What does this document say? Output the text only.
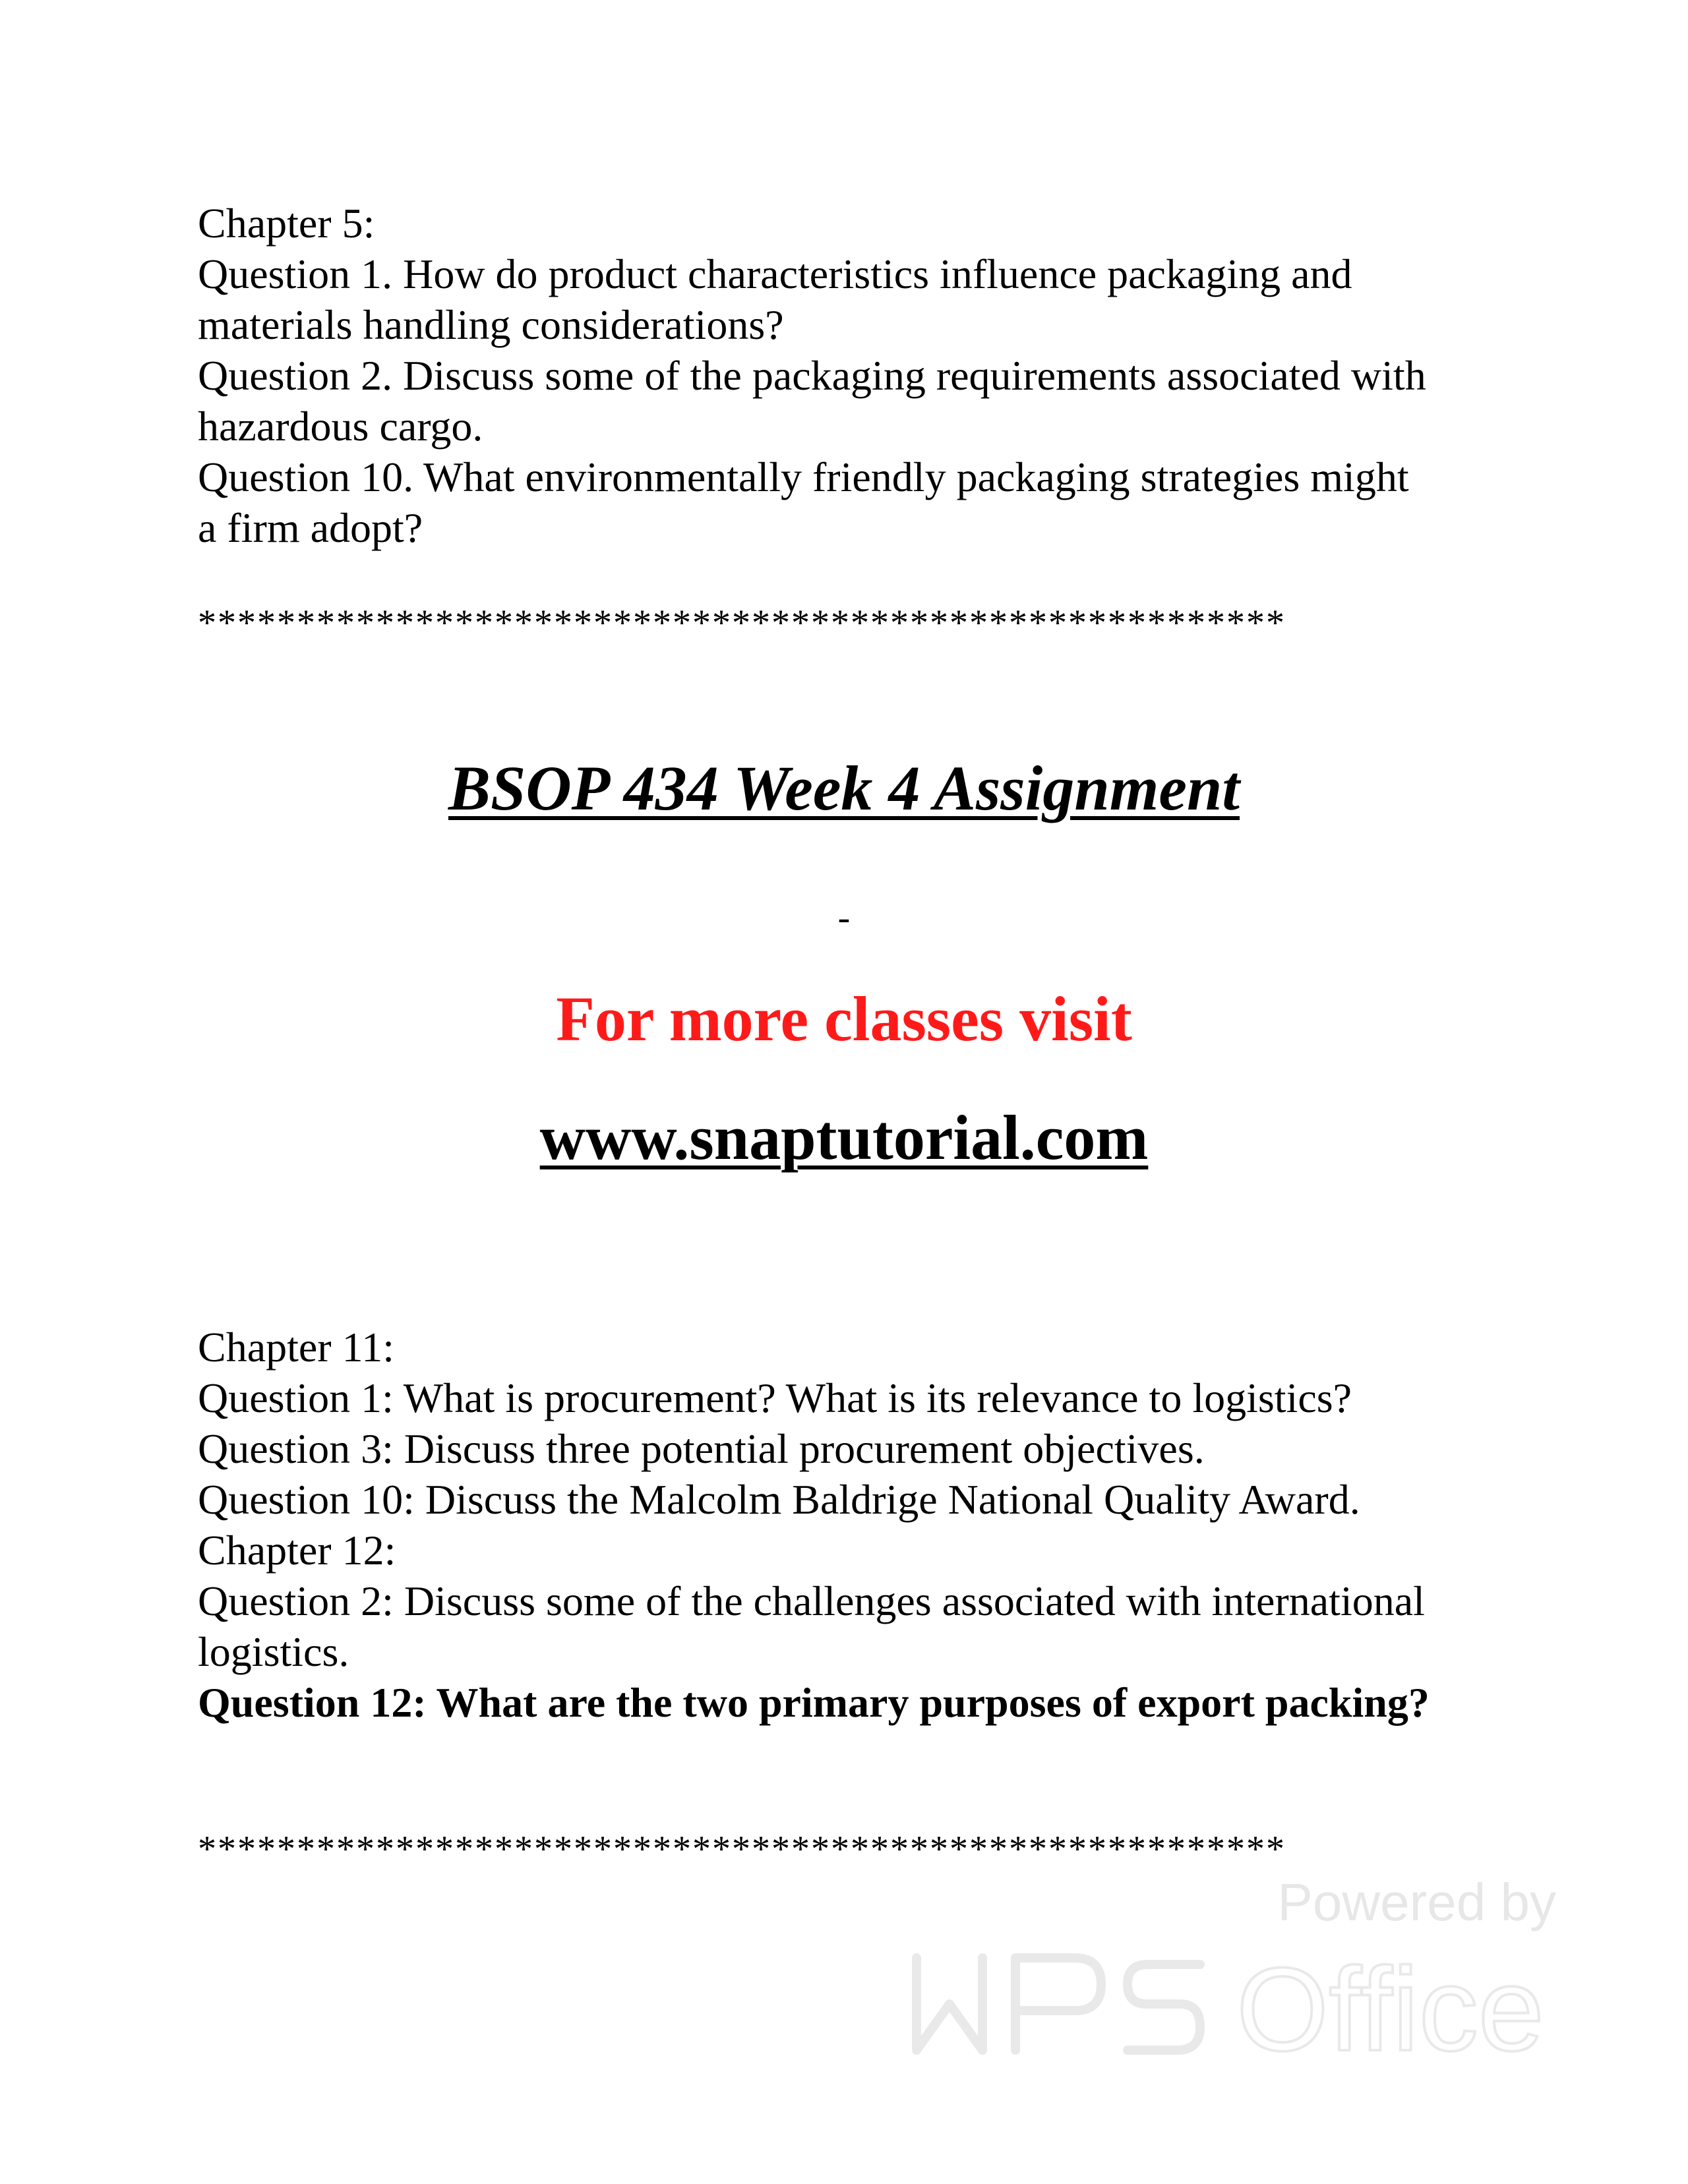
Chapter 5:
Question 1. How do product characteristics influence packaging and
materials handling considerations?
Question 2. Discuss some of the packaging requirements associated with
hazardous cargo.
Question 10. What environmentally friendly packaging strategies might
a firm adopt?
*******************************************************
BSOP 434 Week 4 Assignment
-
For more classes visit
www.snaptutorial.com
Chapter 11:
Question 1: What is procurement? What is its relevance to logistics?
Question 3: Discuss three potential procurement objectives.
Question 10: Discuss the Malcolm Baldrige National Quality Award.
Chapter 12:
Question 2: Discuss some of the challenges associated with international
logistics.
Question 12: What are the two primary purposes of export packing?
*******************************************************
Powered by
Office
